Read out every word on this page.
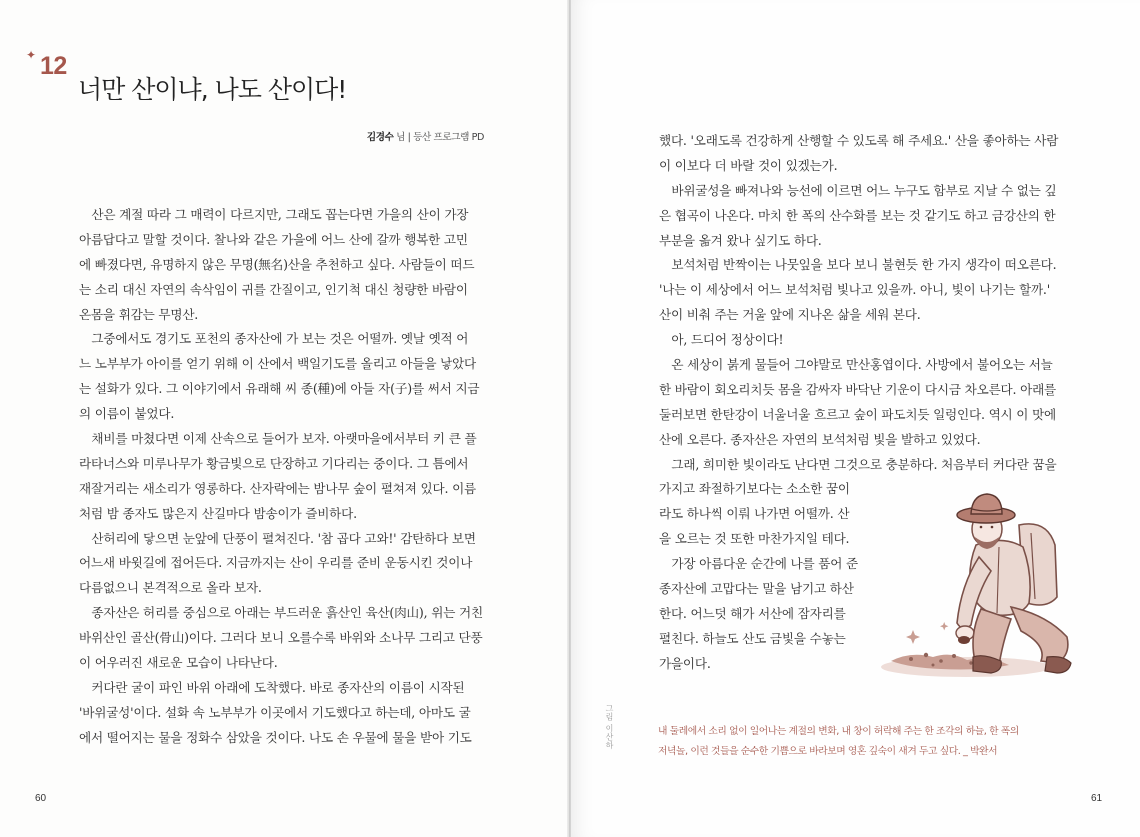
✦ 12
너만 산이냐, 나도 산이다!
김경수 님 | 등산 프로그램 PD
　산은 계절 따라 그 매력이 다르지만, 그래도 꼽는다면 가을의 산이 가장
아름답다고 말할 것이다. 찰나와 같은 가을에 어느 산에 갈까 행복한 고민
에 빠졌다면, 유명하지 않은 무명(無名)산을 추천하고 싶다. 사람들이 떠드
는 소리 대신 자연의 속삭임이 귀를 간질이고, 인기척 대신 청량한 바람이
온몸을 휘감는 무명산.
　그중에서도 경기도 포천의 종자산에 가 보는 것은 어떨까. 옛날 옛적 어
느 노부부가 아이를 얻기 위해 이 산에서 백일기도를 올리고 아들을 낳았다
는 설화가 있다. 그 이야기에서 유래해 씨 종(種)에 아들 자(子)를 써서 지금
의 이름이 붙었다.
　채비를 마쳤다면 이제 산속으로 들어가 보자. 아랫마을에서부터 키 큰 플
라타너스와 미루나무가 황금빛으로 단장하고 기다리는 중이다. 그 틈에서
재잘거리는 새소리가 영롱하다. 산자락에는 밤나무 숲이 펼쳐져 있다. 이름
처럼 밤 종자도 많은지 산길마다 밤송이가 즐비하다.
　산허리에 닿으면 눈앞에 단풍이 펼쳐진다. '참 곱다 고와!' 감탄하다 보면
어느새 바윗길에 접어든다. 지금까지는 산이 우리를 준비 운동시킨 것이나
다름없으니 본격적으로 올라 보자.
　종자산은 허리를 중심으로 아래는 부드러운 흙산인 육산(肉山), 위는 거친
바위산인 골산(骨山)이다. 그러다 보니 오를수록 바위와 소나무 그리고 단풍
이 어우러진 새로운 모습이 나타난다.
　커다란 굴이 파인 바위 아래에 도착했다. 바로 종자산의 이름이 시작된
'바위굴성'이다. 설화 속 노부부가 이곳에서 기도했다고 하는데, 아마도 굴
에서 떨어지는 물을 정화수 삼았을 것이다. 나도 손 우물에 물을 받아 기도
60
했다. '오래도록 건강하게 산행할 수 있도록 해 주세요.' 산을 좋아하는 사람
이 이보다 더 바랄 것이 있겠는가.
　바위굴성을 빠져나와 능선에 이르면 어느 누구도 함부로 지날 수 없는 깊
은 협곡이 나온다. 마치 한 폭의 산수화를 보는 것 같기도 하고 금강산의 한
부분을 옮겨 왔나 싶기도 하다.
　보석처럼 반짝이는 나뭇잎을 보다 보니 불현듯 한 가지 생각이 떠오른다.
'나는 이 세상에서 어느 보석처럼 빛나고 있을까. 아니, 빛이 나기는 할까.'
산이 비춰 주는 거울 앞에 지나온 삶을 세워 본다.
　아, 드디어 정상이다!
　온 세상이 붉게 물들어 그야말로 만산홍엽이다. 사방에서 불어오는 서늘
한 바람이 회오리치듯 몸을 감싸자 바닥난 기운이 다시금 차오른다. 아래를
둘러보면 한탄강이 너울너울 흐르고 숲이 파도치듯 일렁인다. 역시 이 맛에
산에 오른다. 종자산은 자연의 보석처럼 빛을 발하고 있었다.
　그래, 희미한 빛이라도 난다면 그것으로 충분하다. 처음부터 커다란 꿈을
가지고 좌절하기보다는 소소한 꿈이
라도 하나씩 이뤄 나가면 어떨까. 산
을 오르는 것 또한 마찬가지일 테다.
　가장 아름다운 순간에 나를 품어 준
종자산에 고맙다는 말을 남기고 하산
한다. 어느덧 해가 서산에 잠자리를
펼친다. 하늘도 산도 금빛을 수놓는
가을이다.
그림 이산하	내 둘레에서 소리 없이 일어나는 계절의 변화, 내 창이 허락해 주는 한 조각의 하늘, 한 폭의
저녁놀, 이런 것들을 순수한 기쁨으로 바라보며 영혼 깊숙이 새겨 두고 싶다. _ 박완서

61
